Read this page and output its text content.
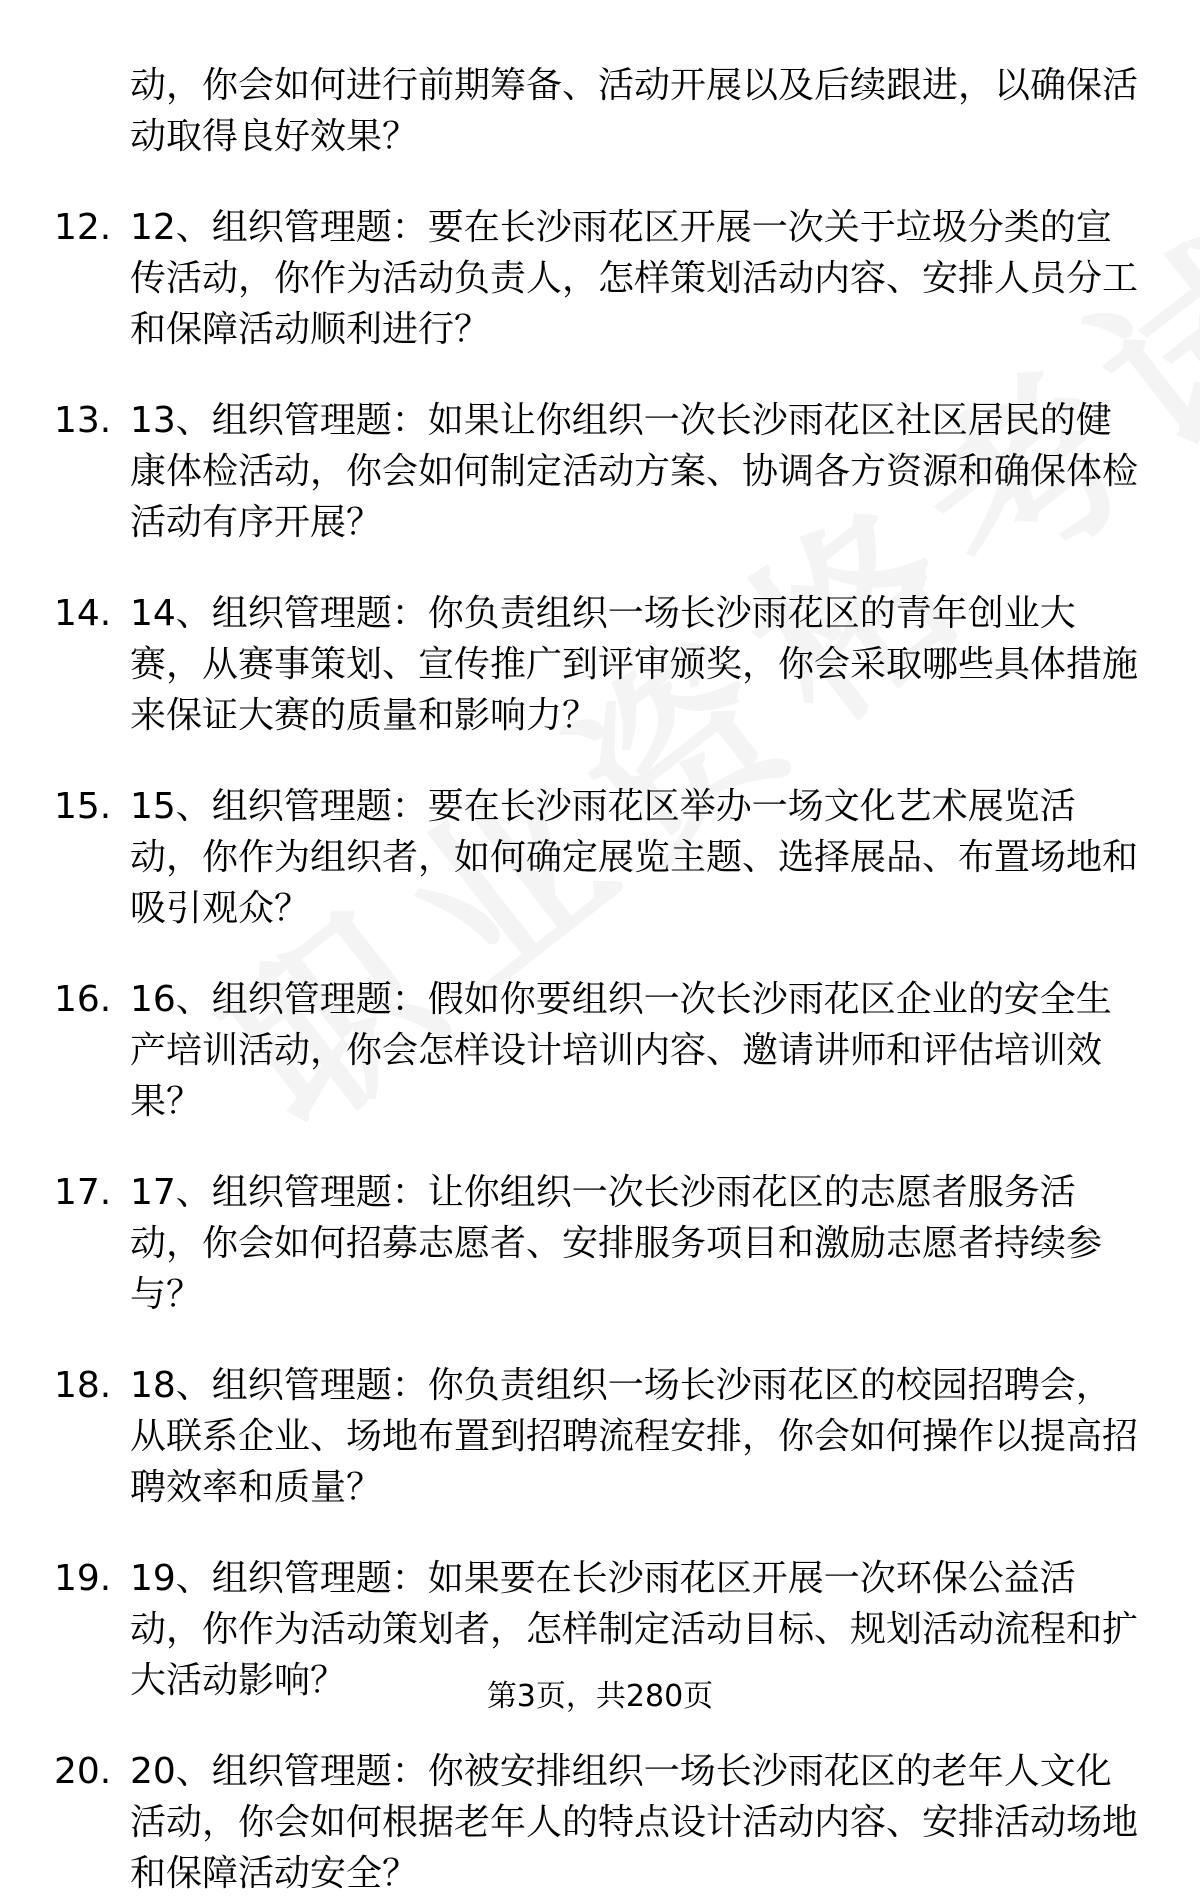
动，你会如何进行前期筹备、活动开展以及后续跟进，以确保活动取得良好效果？
12. 12、组织管理题：要在长沙雨花区开展一次关于垃圾分类的宣传活动，你作为活动负责人，怎样策划活动内容、安排人员分工和保障活动顺利进行？
13. 13、组织管理题：如果让你组织一次长沙雨花区社区居民的健康体检活动，你会如何制定活动方案、协调各方资源和确保体检活动有序开展？
14. 14、组织管理题：你负责组织一场长沙雨花区的青年创业大赛，从赛事策划、宣传推广到评审颁奖，你会采取哪些具体措施来保证大赛的质量和影响力？
15. 15、组织管理题：要在长沙雨花区举办一场文化艺术展览活动，你作为组织者，如何确定展览主题、选择展品、布置场地和吸引观众？
16. 16、组织管理题：假如你要组织一次长沙雨花区企业的安全生产培训活动，你会怎样设计培训内容、邀请讲师和评估培训效果？
17. 17、组织管理题：让你组织一次长沙雨花区的志愿者服务活动，你会如何招募志愿者、安排服务项目和激励志愿者持续参与？
18. 18、组织管理题：你负责组织一场长沙雨花区的校园招聘会，从联系企业、场地布置到招聘流程安排，你会如何操作以提高招聘效率和质量？
19. 19、组织管理题：如果要在长沙雨花区开展一次环保公益活动，你作为活动策划者，怎样制定活动目标、规划活动流程和扩大活动影响？
20. 20、组织管理题：你被安排组织一场长沙雨花区的老年人文化活动，你会如何根据老年人的特点设计活动内容、安排活动场地和保障活动安全？
第3页，共280页
